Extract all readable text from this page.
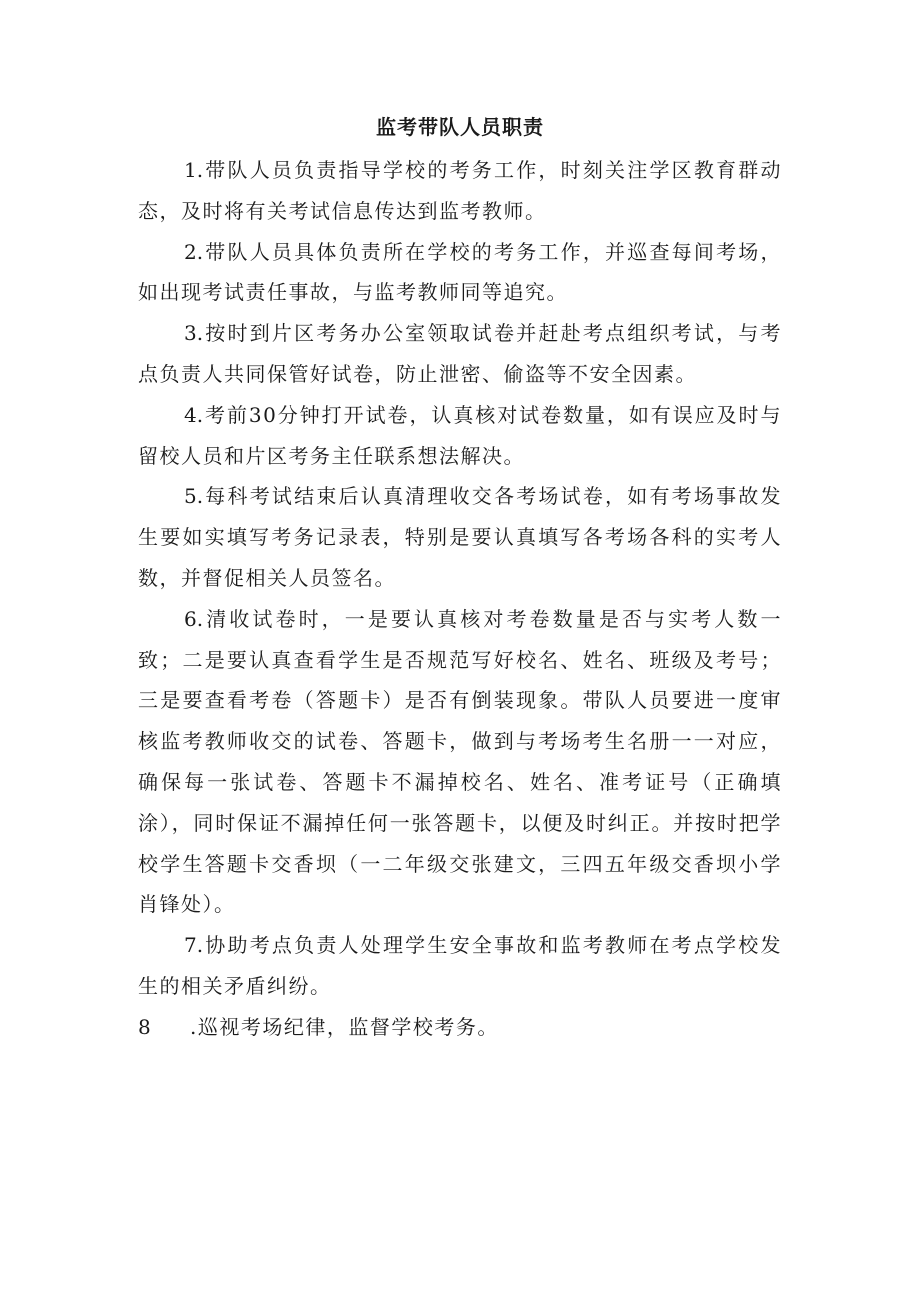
监考带队人员职责

1.带队人员负责指导学校的考务工作，时刻关注学区教育群动态，及时将有关考试信息传达到监考教师。

2.带队人员具体负责所在学校的考务工作，并巡查每间考场，如出现考试责任事故，与监考教师同等追究。

3.按时到片区考务办公室领取试卷并赶赴考点组织考试，与考点负责人共同保管好试卷，防止泄密、偷盗等不安全因素。

4.考前30分钟打开试卷，认真核对试卷数量，如有误应及时与留校人员和片区考务主任联系想法解决。

5.每科考试结束后认真清理收交各考场试卷，如有考场事故发生要如实填写考务记录表，特别是要认真填写各考场各科的实考人数，并督促相关人员签名。

6.清收试卷时，一是要认真核对考卷数量是否与实考人数一致；二是要认真查看学生是否规范写好校名、姓名、班级及考号；三是要查看考卷（答题卡）是否有倒装现象。带队人员要进一度审核监考教师收交的试卷、答题卡，做到与考场考生名册一一对应，确保每一张试卷、答题卡不漏掉校名、姓名、准考证号（正确填涂），同时保证不漏掉任何一张答题卡，以便及时纠正。并按时把学校学生答题卡交香坝（一二年级交张建文，三四五年级交香坝小学肖锋处）。

7.协助考点负责人处理学生安全事故和监考教师在考点学校发生的相关矛盾纠纷。

8 .巡视考场纪律，监督学校考务。
